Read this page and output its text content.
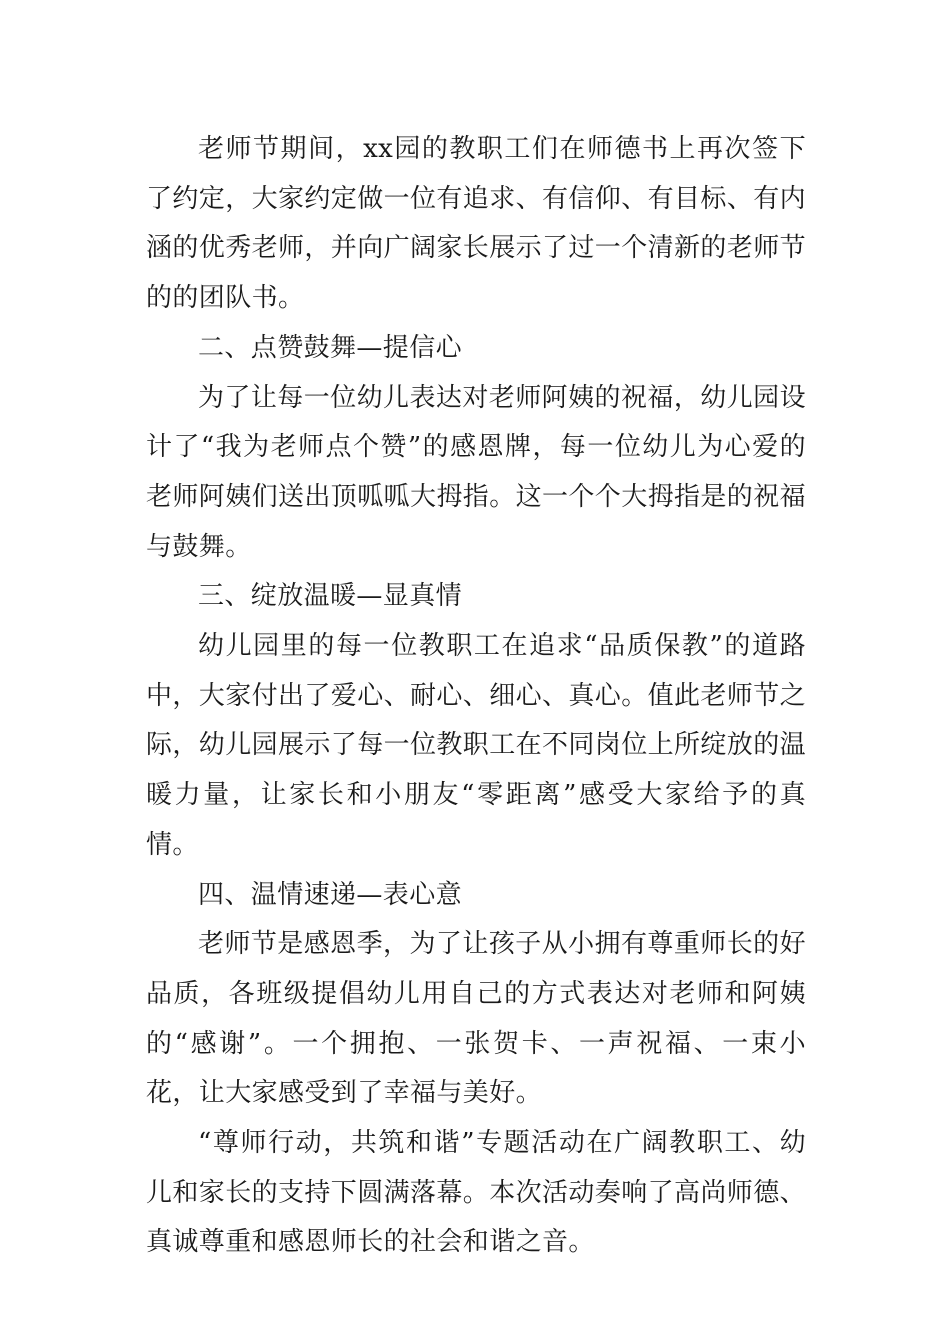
老师节期间，xx园的教职工们在师德书上再次签下了约定，大家约定做一位有追求、有信仰、有目标、有内涵的优秀老师，并向广阔家长展示了过一个清新的老师节的的团队书。

二、点赞鼓舞—提信心

为了让每一位幼儿表达对老师阿姨的祝福，幼儿园设计了“我为老师点个赞”的感恩牌，每一位幼儿为心爱的老师阿姨们送出顶呱呱大拇指。这一个个大拇指是的祝福与鼓舞。

三、绽放温暖—显真情

幼儿园里的每一位教职工在追求“品质保教”的道路中，大家付出了爱心、耐心、细心、真心。值此老师节之际，幼儿园展示了每一位教职工在不同岗位上所绽放的温暖力量，让家长和小朋友“零距离”感受大家给予的真情。

四、温情速递—表心意

老师节是感恩季，为了让孩子从小拥有尊重师长的好品质，各班级提倡幼儿用自己的方式表达对老师和阿姨的“感谢”。一个拥抱、一张贺卡、一声祝福、一束小花，让大家感受到了幸福与美好。

“尊师行动，共筑和谐”专题活动在广阔教职工、幼儿和家长的支持下圆满落幕。本次活动奏响了高尚师德、真诚尊重和感恩师长的社会和谐之音。
